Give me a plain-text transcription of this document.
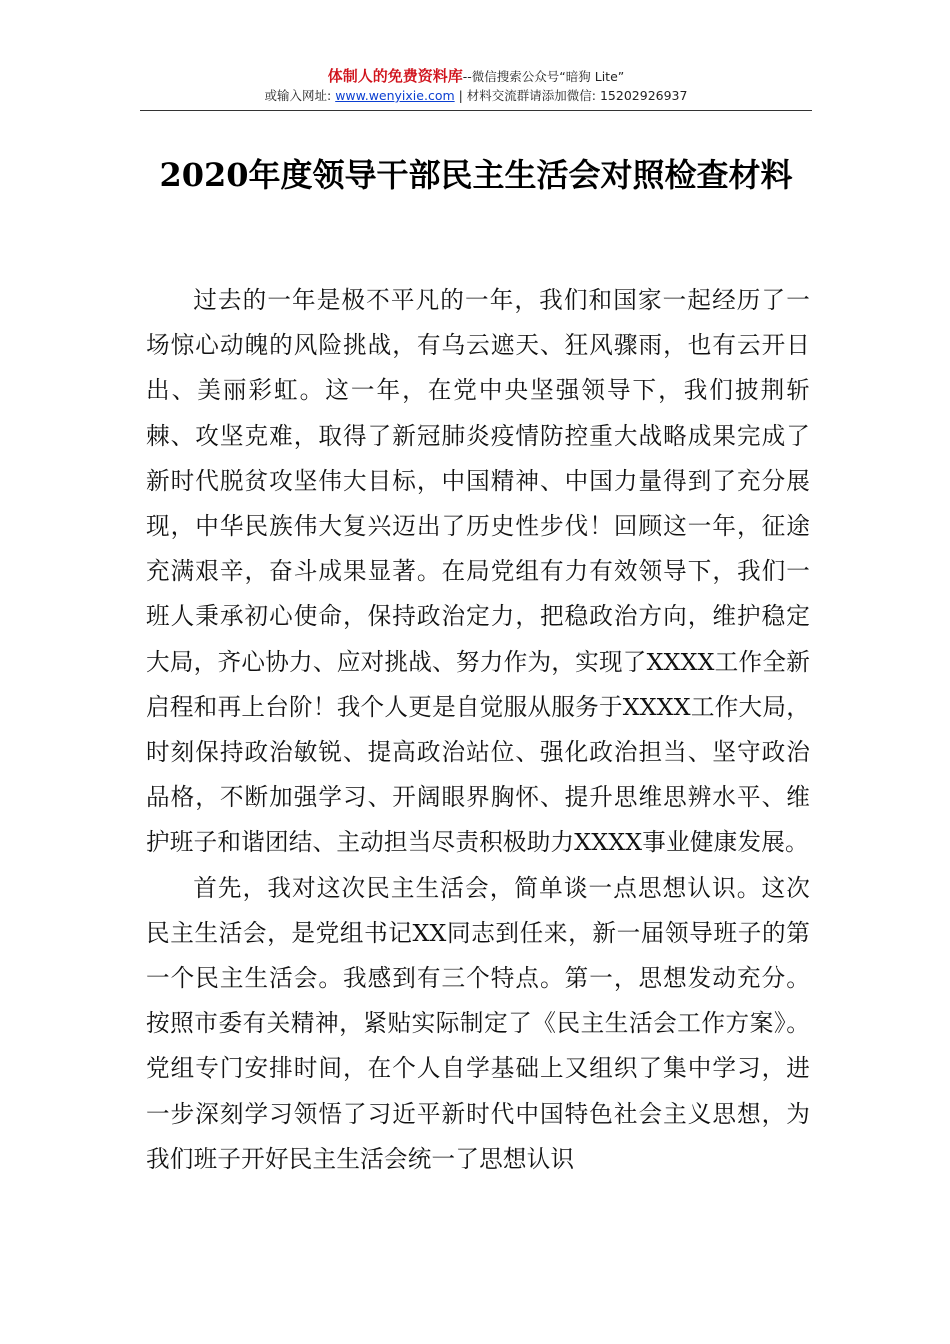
体制人的免费资料库--微信搜索公众号“暗狗 Lite”
或输入网址: www.wenyixie.com | 材料交流群请添加微信: 15202926937
2020年度领导干部民主生活会对照检查材料

过去的一年是极不平凡的一年，我们和国家一起经历了一场惊心动魄的风险挑战，有乌云遮天、狂风骤雨，也有云开日出、美丽彩虹。这一年，在党中央坚强领导下，我们披荆斩棘、攻坚克难，取得了新冠肺炎疫情防控重大战略成果完成了新时代脱贫攻坚伟大目标，中国精神、中国力量得到了充分展现，中华民族伟大复兴迈出了历史性步伐！回顾这一年，征途充满艰辛，奋斗成果显著。在局党组有力有效领导下，我们一班人秉承初心使命，保持政治定力，把稳政治方向，维护稳定大局，齐心协力、应对挑战、努力作为，实现了XXXX工作全新启程和再上台阶！我个人更是自觉服从服务于XXXX工作大局，时刻保持政治敏锐、提高政治站位、强化政治担当、坚守政治品格，不断加强学习、开阔眼界胸怀、提升思维思辨水平、维护班子和谐团结、主动担当尽责积极助力XXXX事业健康发展。

首先，我对这次民主生活会，简单谈一点思想认识。这次民主生活会，是党组书记XX同志到任来，新一届领导班子的第一个民主生活会。我感到有三个特点。第一，思想发动充分。按照市委有关精神，紧贴实际制定了《民主生活会工作方案》。党组专门安排时间，在个人自学基础上又组织了集中学习，进一步深刻学习领悟了习近平新时代中国特色社会主义思想，为我们班子开好民主生活会统一了思想认识
